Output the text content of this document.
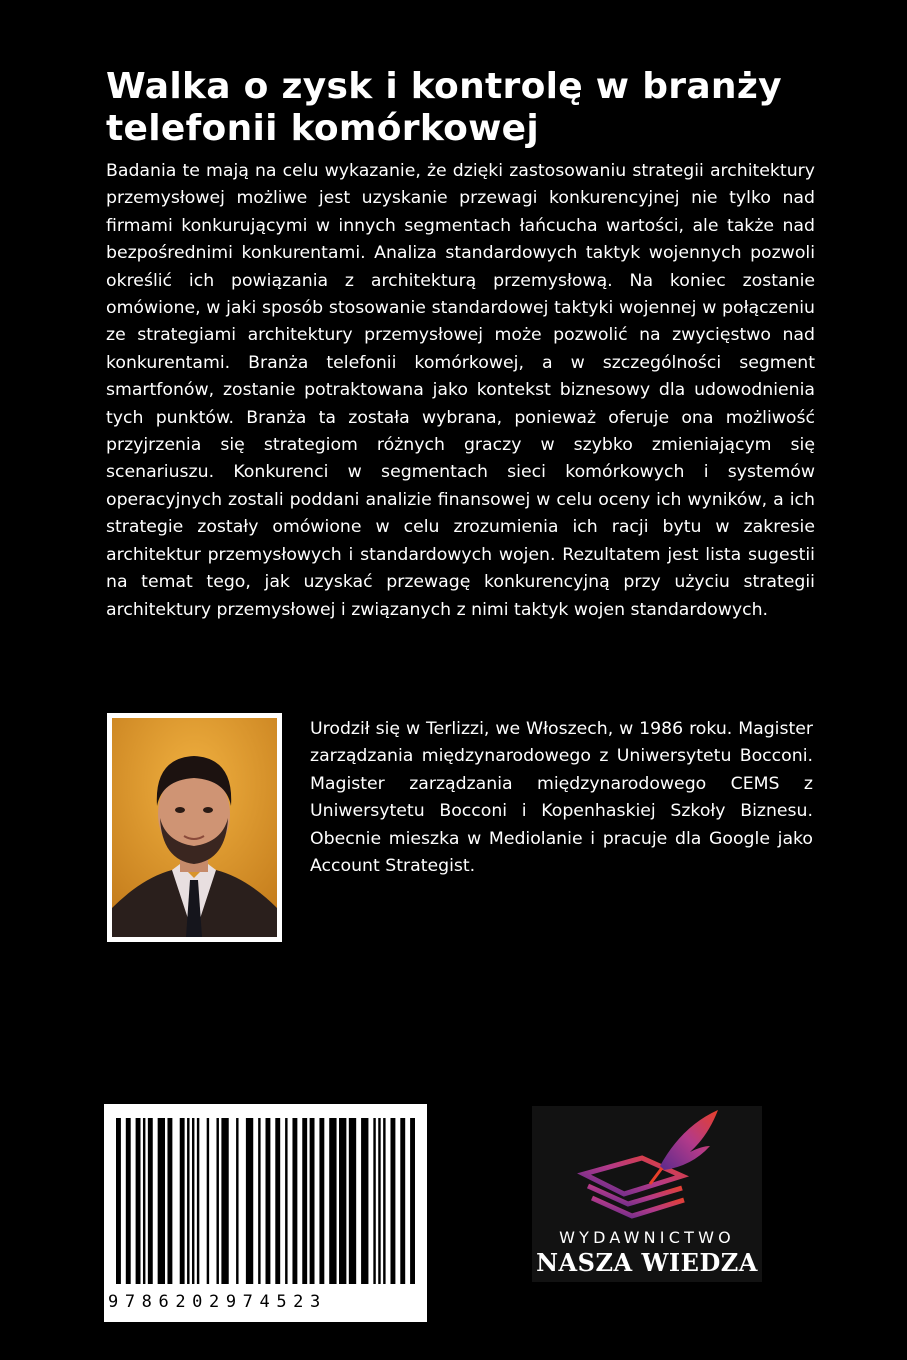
Walka o zysk i kontrolę w branży telefonii komórkowej

Badania te mają na celu wykazanie, że dzięki zastosowaniu strategii architektury przemysłowej możliwe jest uzyskanie przewagi konkurencyjnej nie tylko nad firmami konkurującymi w innych segmentach łańcucha wartości, ale także nad bezpośrednimi konkurentami. Analiza standardowych taktyk wojennych pozwoli określić ich powiązania z architekturą przemysłową. Na koniec zostanie omówione, w jaki sposób stosowanie standardowej taktyki wojennej w połączeniu ze strategiami architektury przemysłowej może pozwolić na zwycięstwo nad konkurentami. Branża telefonii komórkowej, a w szczególności segment smartfonów, zostanie potraktowana jako kontekst biznesowy dla udowodnienia tych punktów. Branża ta została wybrana, ponieważ oferuje ona możliwość przyjrzenia się strategiom różnych graczy w szybko zmieniającym się scenariuszu. Konkurenci w segmentach sieci komórkowych i systemów operacyjnych zostali poddani analizie finansowej w celu oceny ich wyników, a ich strategie zostały omówione w celu zrozumienia ich racji bytu w zakresie architektur przemysłowych i standardowych wojen. Rezultatem jest lista sugestii na temat tego, jak uzyskać przewagę konkurencyjną przy użyciu strategii architektury przemysłowej i związanych z nimi taktyk wojen standardowych.

Urodził się w Terlizzi, we Włoszech, w 1986 roku. Magister zarządzania międzynarodowego z Uniwersytetu Bocconi. Magister zarządzania międzynarodowego CEMS z Uniwersytetu Bocconi i Kopenhaskiej Szkoły Biznesu. Obecnie mieszka w Mediolanie i pracuje dla Google jako Account Strategist.

9786202974523
WYDAWNICTWO
NASZA WIEDZA
